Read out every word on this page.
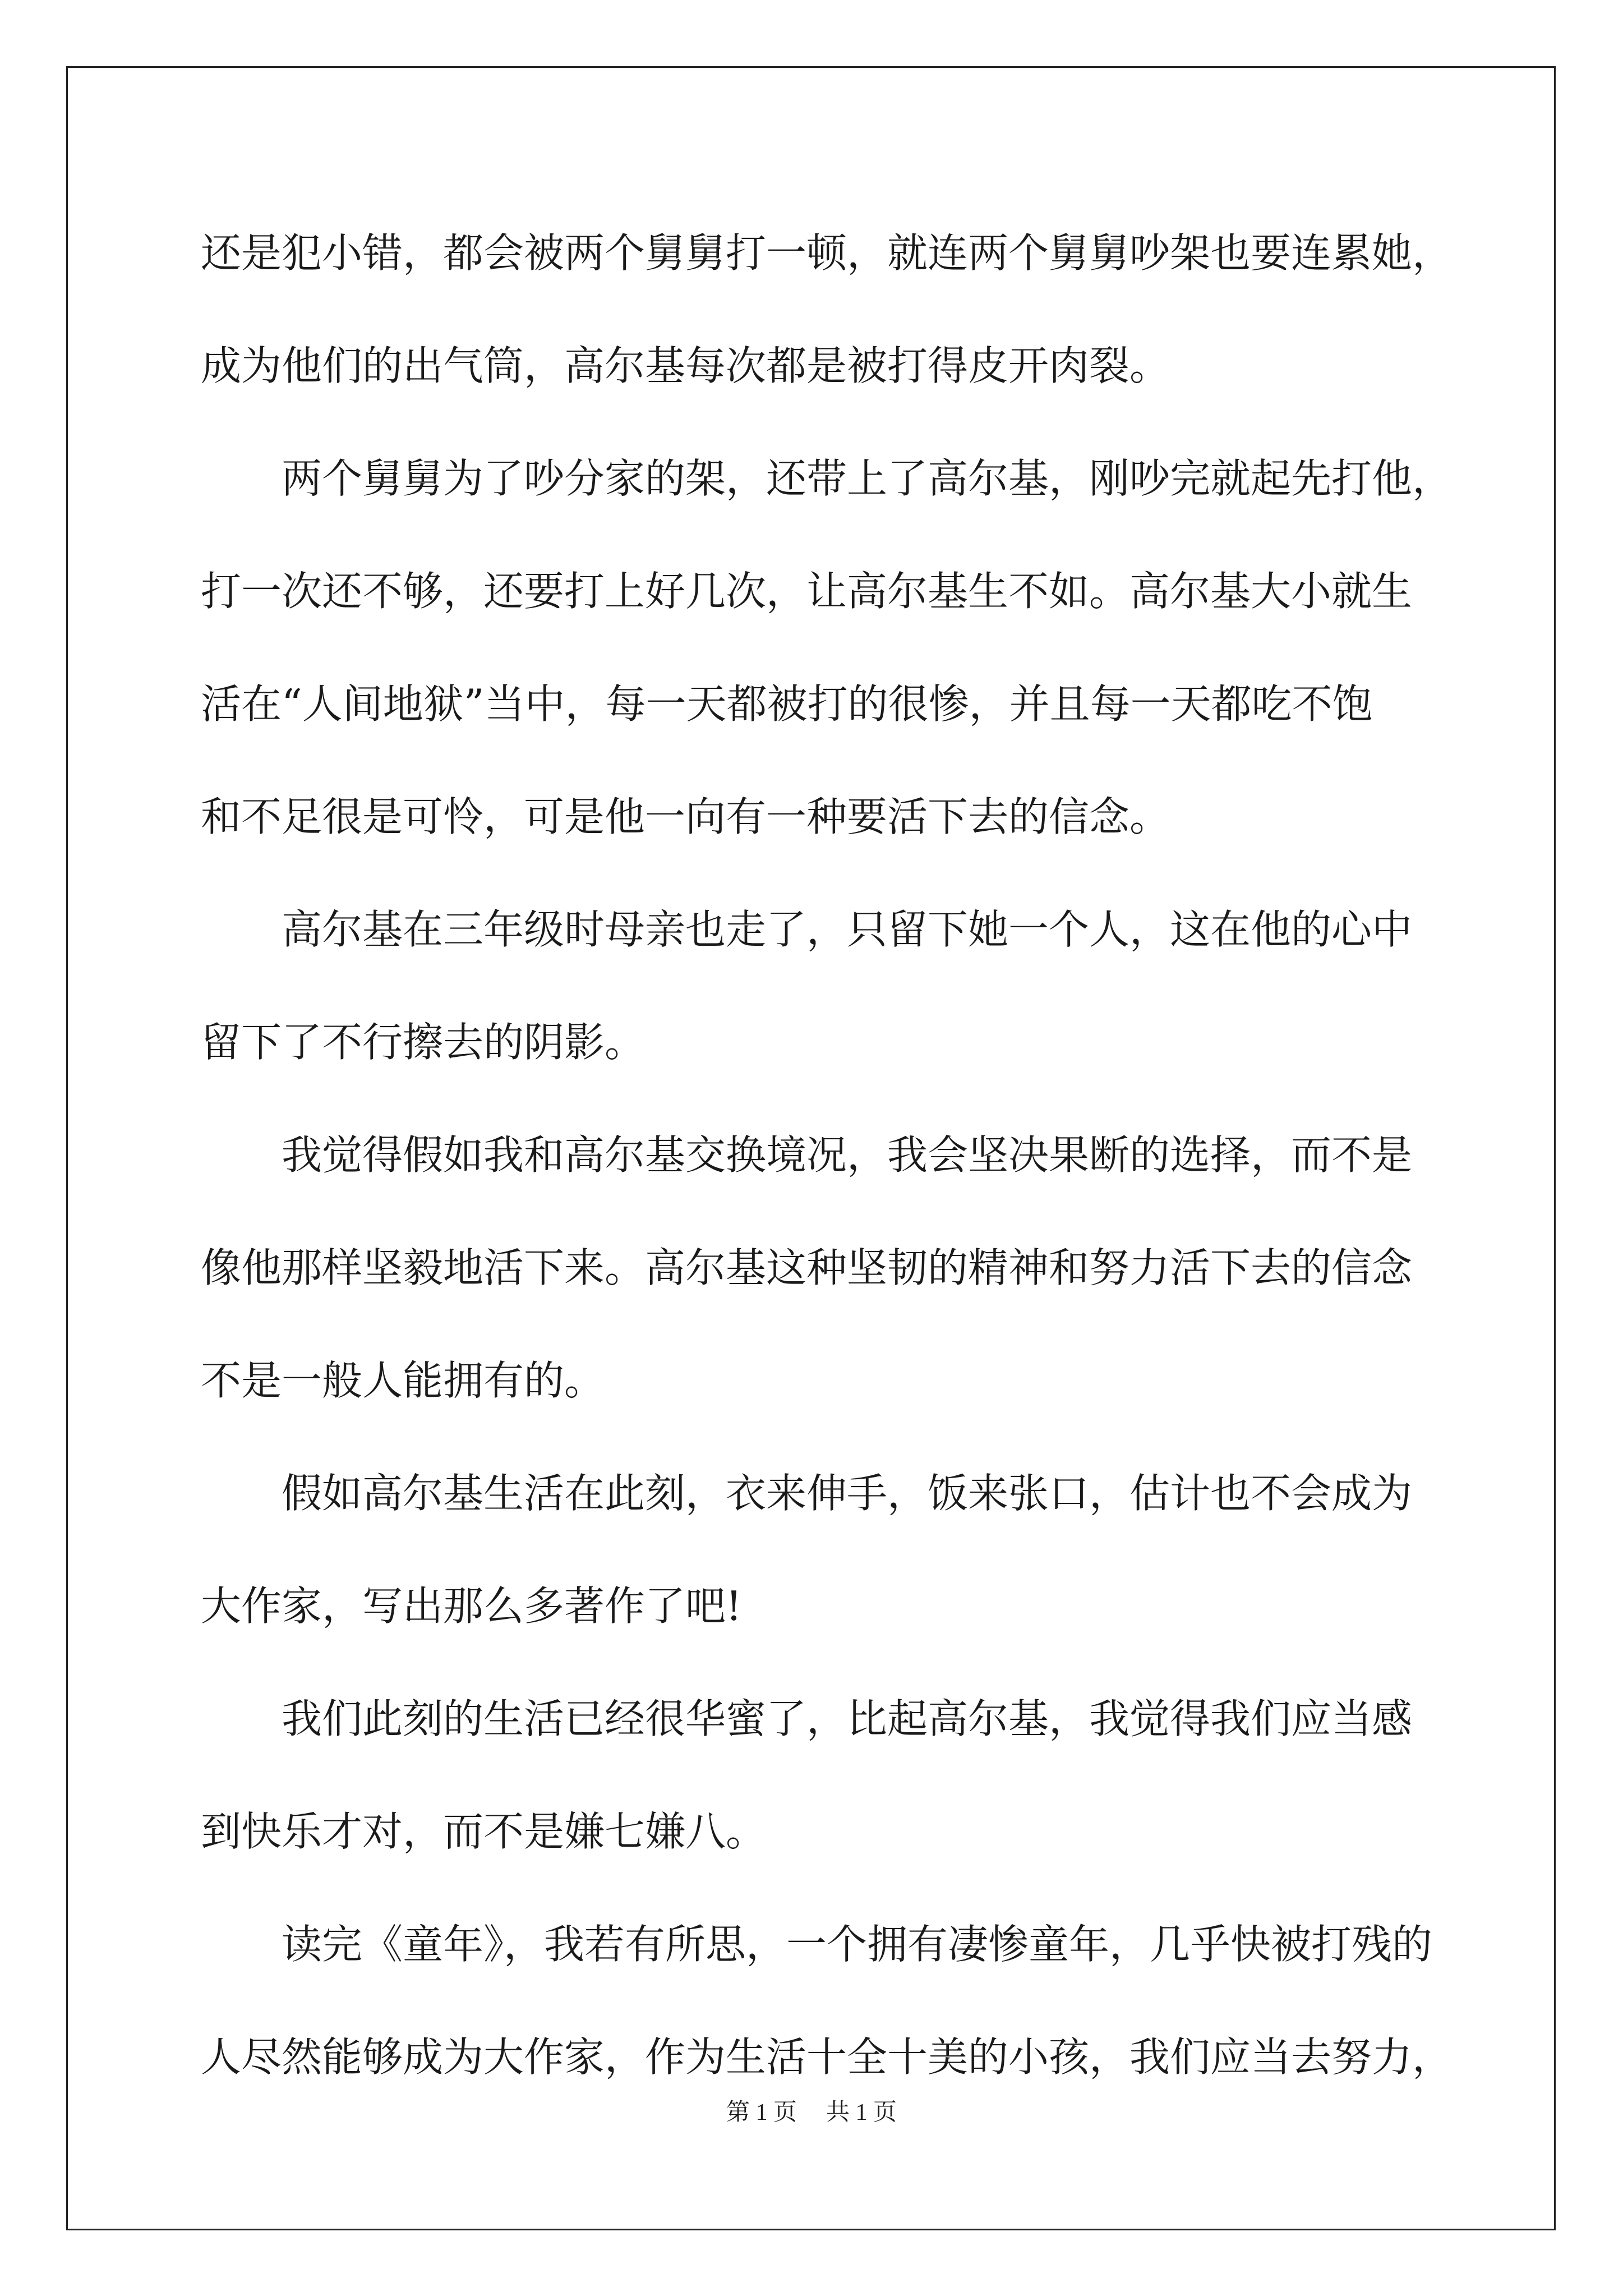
还是犯小错，都会被两个舅舅打一顿，就连两个舅舅吵架也要连累她，
成为他们的出气筒，高尔基每次都是被打得皮开肉裂。
　　两个舅舅为了吵分家的架，还带上了高尔基，刚吵完就起先打他，
打一次还不够，还要打上好几次，让高尔基生不如。高尔基大小就生
活在“人间地狱”当中，每一天都被打的很惨，并且每一天都吃不饱
和不足很是可怜，可是他一向有一种要活下去的信念。
　　高尔基在三年级时母亲也走了，只留下她一个人，这在他的心中
留下了不行擦去的阴影。
　　我觉得假如我和高尔基交换境况，我会坚决果断的选择，而不是
像他那样坚毅地活下来。高尔基这种坚韧的精神和努力活下去的信念
不是一般人能拥有的。
　　假如高尔基生活在此刻，衣来伸手，饭来张口，估计也不会成为
大作家，写出那么多著作了吧!
　　我们此刻的生活已经很华蜜了，比起高尔基，我觉得我们应当感
到快乐才对，而不是嫌七嫌八。
　　读完《童年》，我若有所思，一个拥有凄惨童年，几乎快被打残的
人尽然能够成为大作家，作为生活十全十美的小孩，我们应当去努力，
第 1 页 共 1 页
